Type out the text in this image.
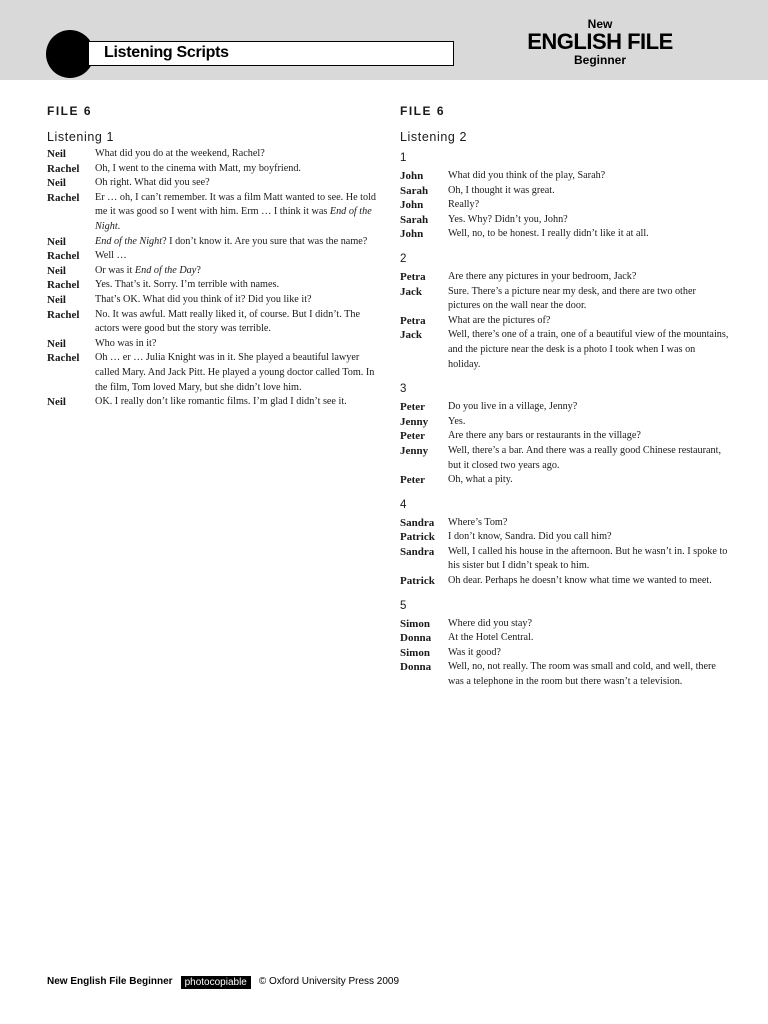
Listening Scripts
New
ENGLISH FILE
Beginner
FILE 6
Listening 1
Neil	What did you do at the weekend, Rachel?
Rachel	Oh, I went to the cinema with Matt, my boyfriend.
Neil	Oh right. What did you see?
Rachel	Er … oh, I can’t remember. It was a film Matt wanted to see. He told me it was good so I went with him. Erm … I think it was End of the Night.
Neil	End of the Night? I don’t know it. Are you sure that was the name?
Rachel	Well …
Neil	Or was it End of the Day?
Rachel	Yes. That’s it. Sorry. I’m terrible with names.
Neil	That’s OK. What did you think of it? Did you like it?
Rachel	No. It was awful. Matt really liked it, of course. But I didn’t. The actors were good but the story was terrible.
Neil	Who was in it?
Rachel	Oh … er … Julia Knight was in it. She played a beautiful lawyer called Mary. And Jack Pitt. He played a young doctor called Tom. In the film, Tom loved Mary, but she didn’t love him.
Neil	OK. I really don’t like romantic films. I’m glad I didn’t see it.
FILE 6
Listening 2
1
John	What did you think of the play, Sarah?
Sarah	Oh, I thought it was great.
John	Really?
Sarah	Yes. Why? Didn’t you, John?
John	Well, no, to be honest. I really didn’t like it at all.
2
Petra	Are there any pictures in your bedroom, Jack?
Jack	Sure. There’s a picture near my desk, and there are two other pictures on the wall near the door.
Petra	What are the pictures of?
Jack	Well, there’s one of a train, one of a beautiful view of the mountains, and the picture near the desk is a photo I took when I was on holiday.
3
Peter	Do you live in a village, Jenny?
Jenny	Yes.
Peter	Are there any bars or restaurants in the village?
Jenny	Well, there’s a bar. And there was a really good Chinese restaurant, but it closed two years ago.
Peter	Oh, what a pity.
4
Sandra	Where’s Tom?
Patrick	I don’t know, Sandra. Did you call him?
Sandra	Well, I called his house in the afternoon. But he wasn’t in. I spoke to his sister but I didn’t speak to him.
Patrick	Oh dear. Perhaps he doesn’t know what time we wanted to meet.
5
Simon	Where did you stay?
Donna	At the Hotel Central.
Simon	Was it good?
Donna	Well, no, not really. The room was small and cold, and well, there was a telephone in the room but there wasn’t a television.
New English File Beginner	photocopiable	© Oxford University Press 2009
